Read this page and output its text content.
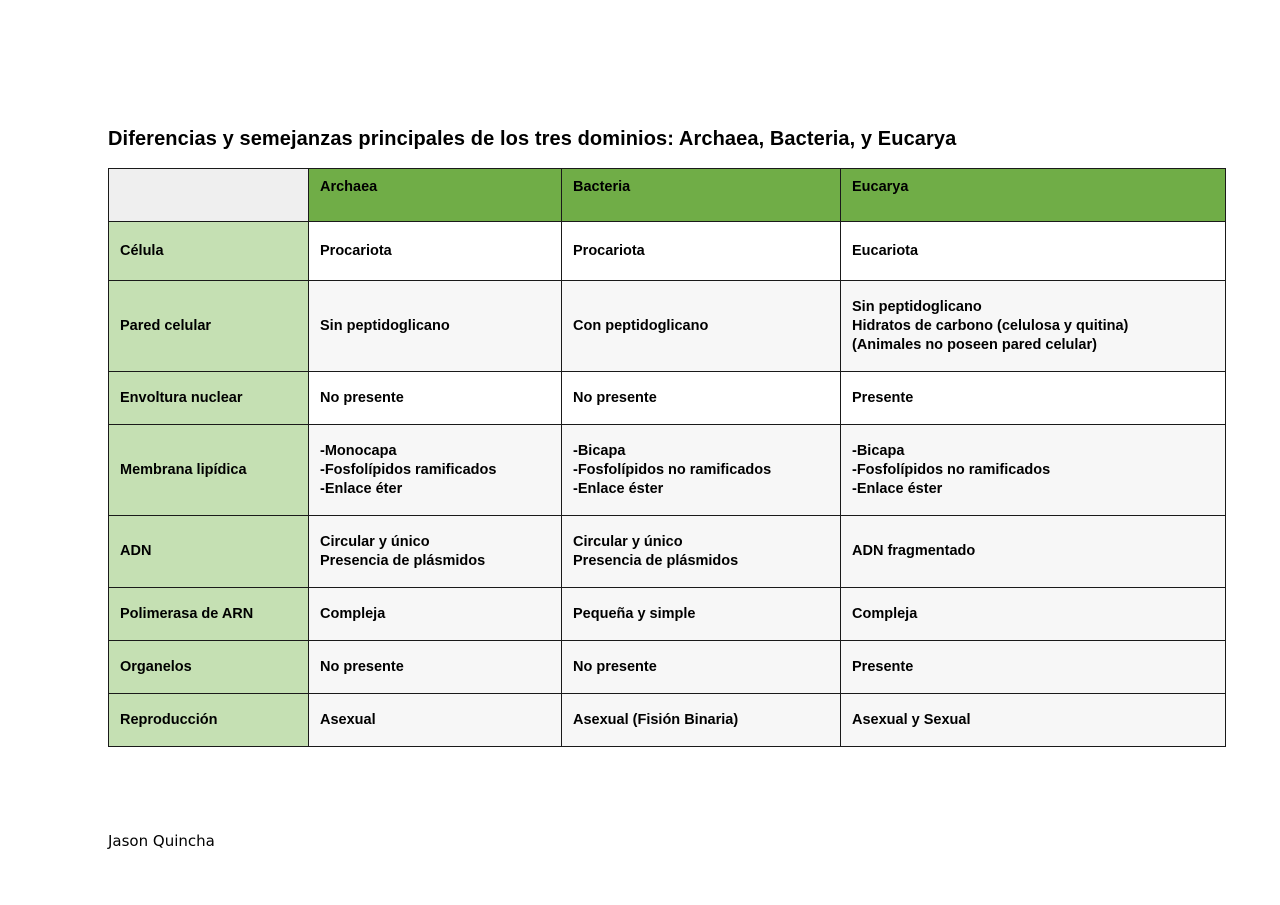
Diferencias y semejanzas principales de los tres dominios: Archaea, Bacteria, y Eucarya
	Archaea	Bacteria	Eucarya
Célula	Procariota	Procariota	Eucariota

Pared celular	Sin peptidoglicano	Con peptidoglicano	Sin peptidoglicano
Hidratos de carbono (celulosa y quitina)
(Animales no poseen pared celular)

Envoltura nuclear	No presente	No presente	Presente

Membrana lipídica	-Monocapa
-Fosfolípidos ramificados
-Enlace éter	-Bicapa
-Fosfolípidos no ramificados
-Enlace éster	-Bicapa
-Fosfolípidos no ramificados
-Enlace éster

ADN	Circular y único
Presencia de plásmidos	Circular y único
Presencia de plásmidos	ADN fragmentado

Polimerasa de ARN	Compleja	Pequeña y simple	Compleja

Organelos	No presente	No presente	Presente

Reproducción	Asexual	Asexual (Fisión Binaria)	Asexual y Sexual
Jason Quincha
